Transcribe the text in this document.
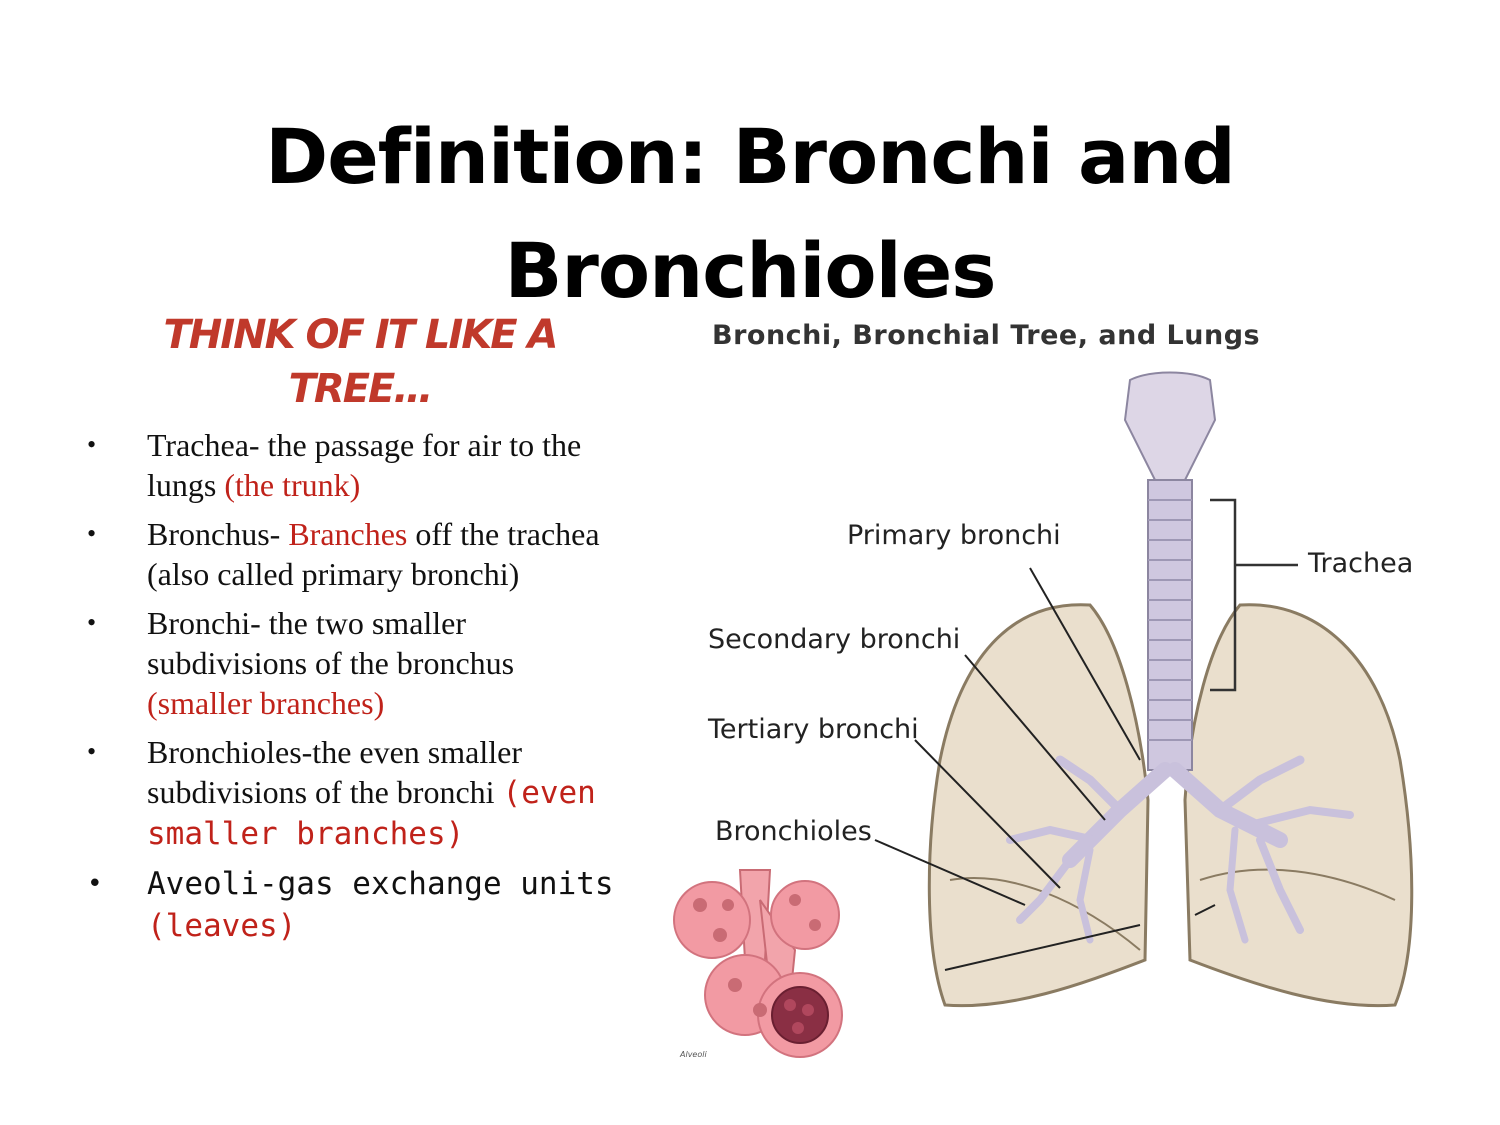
Definition: Bronchi and
Bronchioles
THINK OF IT LIKE A
TREE…
• Trachea- the passage for air to the lungs (the trunk)
• Bronchus- Branches off the trachea (also called primary bronchi)
• Bronchi- the two smaller subdivisions of the bronchus (smaller branches)
• Bronchioles-the even smaller subdivisions of the bronchi (even smaller branches)
• Aveoli-gas exchange units (leaves)
Bronchi, Bronchial Tree, and Lungs
Primary bronchi
Secondary bronchi
Tertiary bronchi
Bronchioles
Trachea
Alveoli
